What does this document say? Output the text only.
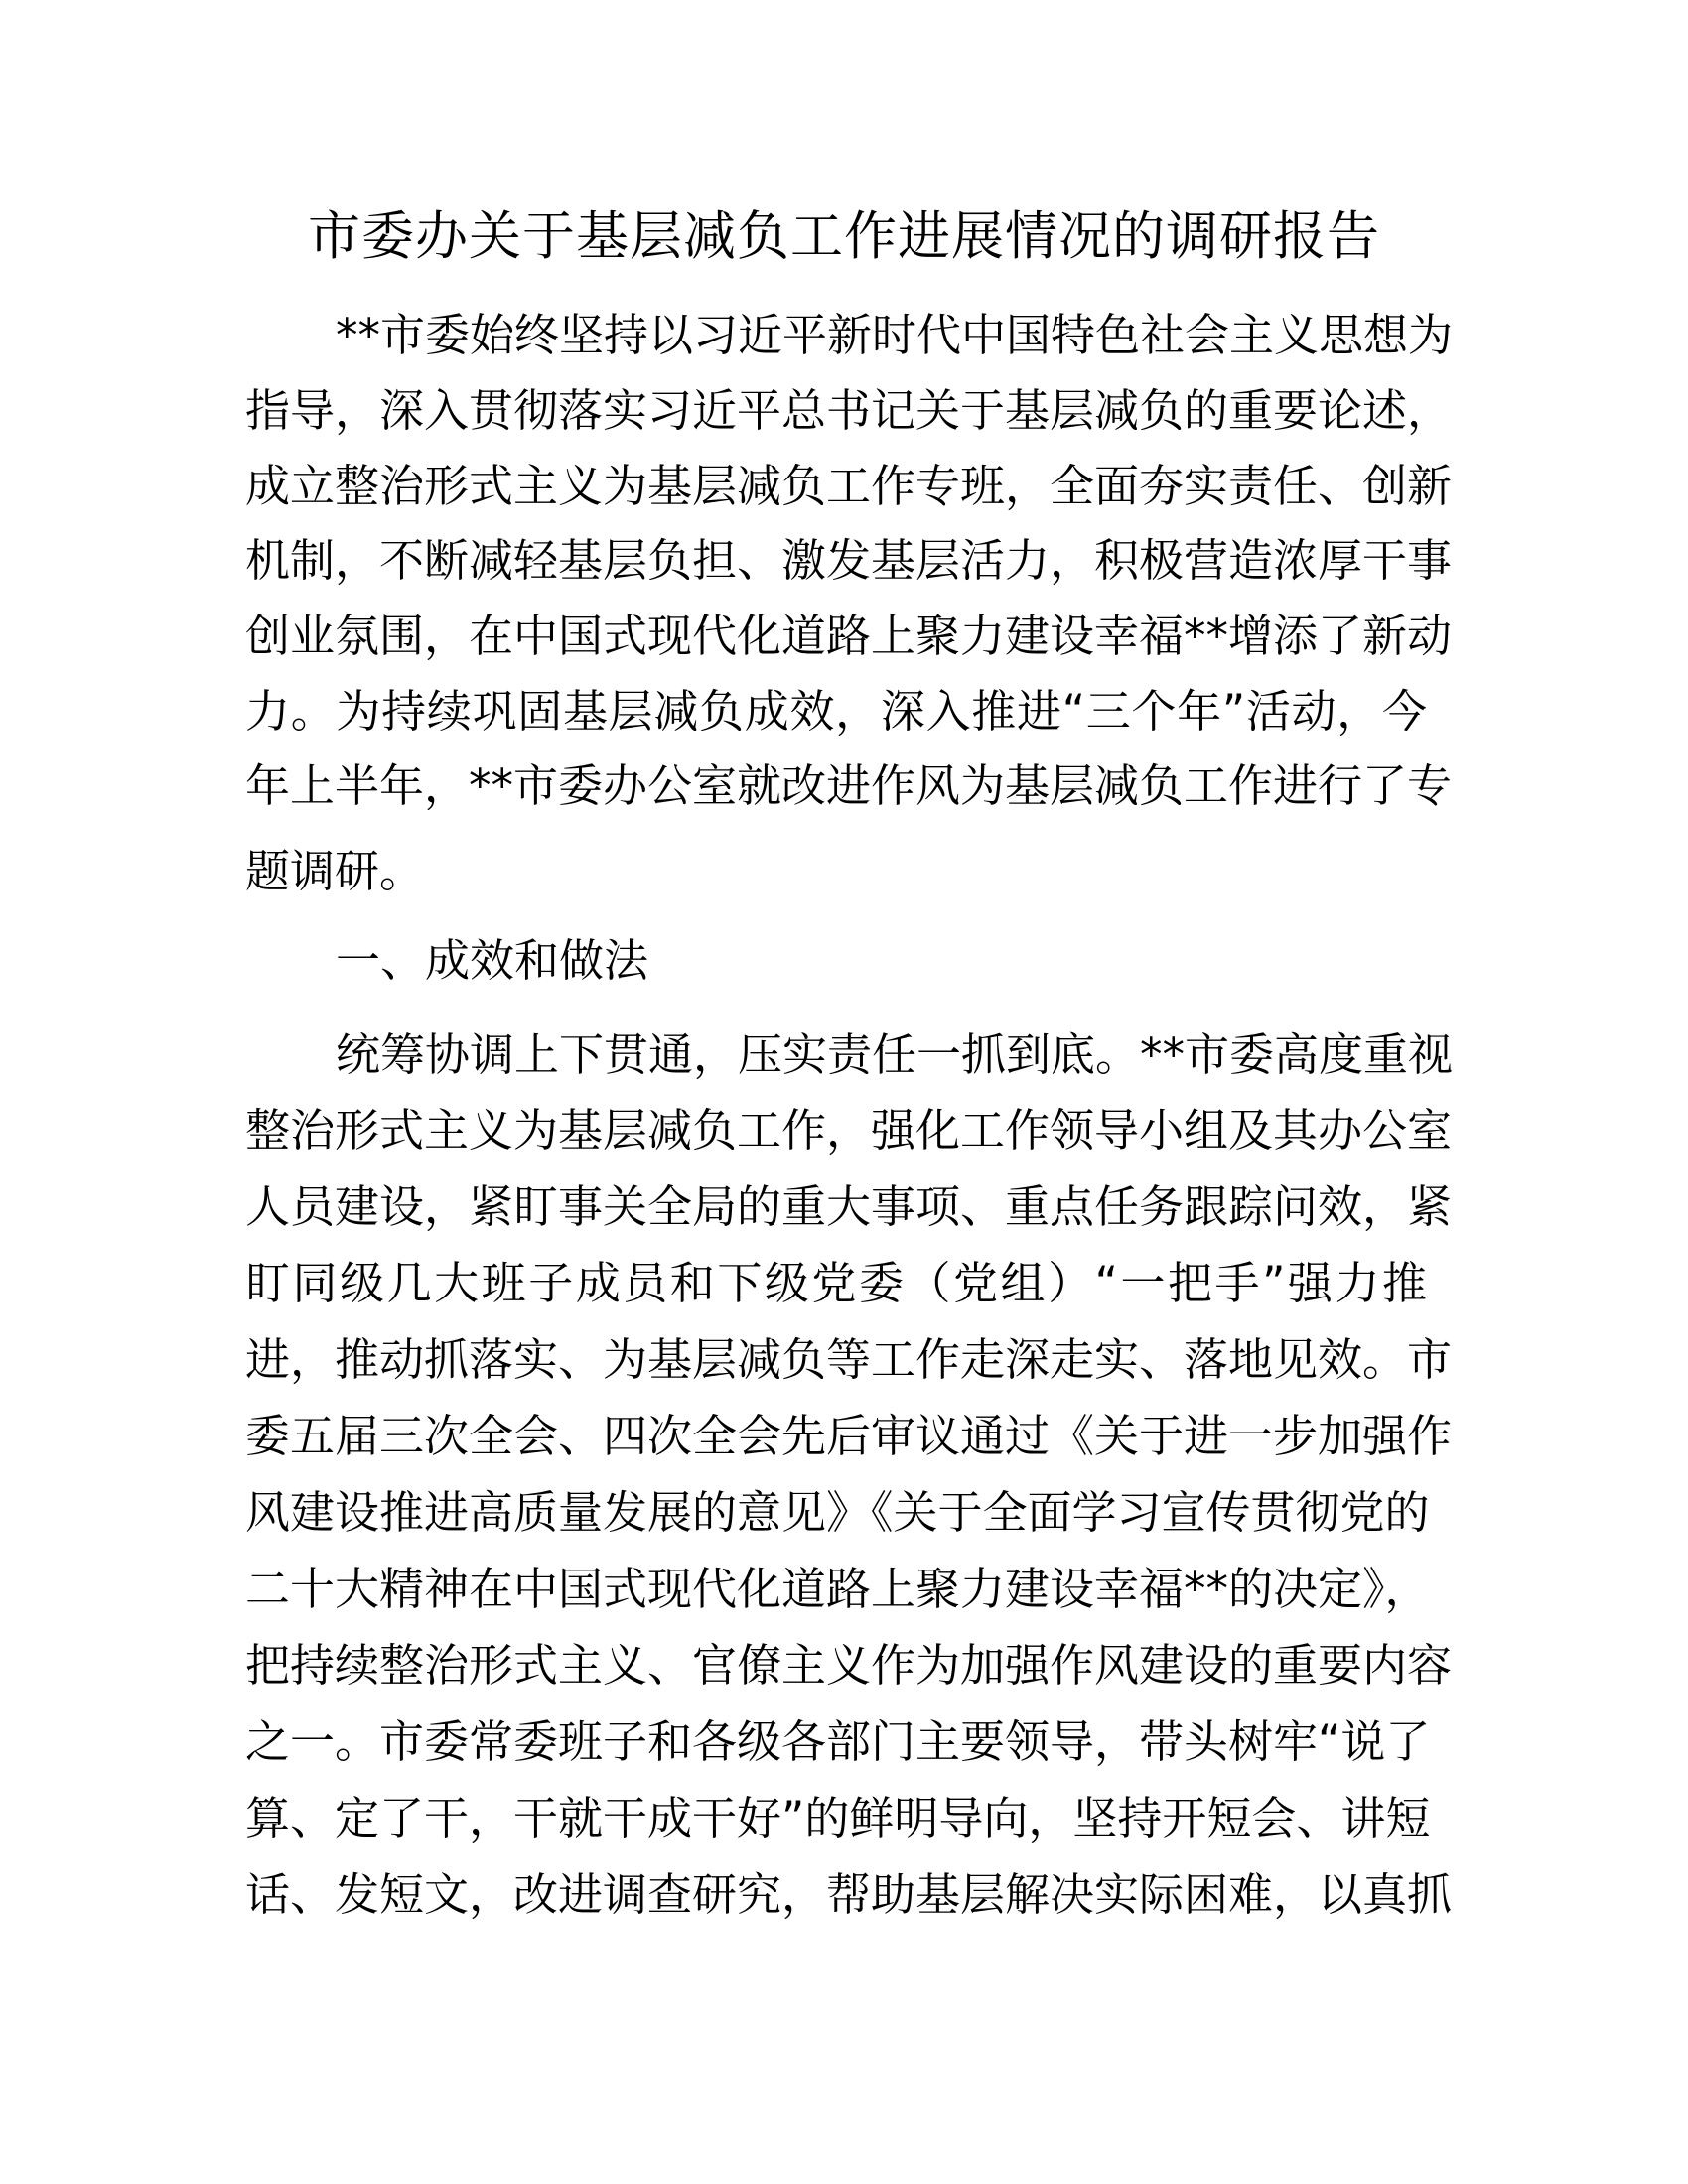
市委办关于基层减负工作进展情况的调研报告
**市委始终坚持以习近平新时代中国特色社会主义思想为
指导，深入贯彻落实习近平总书记关于基层减负的重要论述，
成立整治形式主义为基层减负工作专班，全面夯实责任、创新
机制，不断减轻基层负担、激发基层活力，积极营造浓厚干事
创业氛围，在中国式现代化道路上聚力建设幸福**增添了新动
力。为持续巩固基层减负成效，深入推进“三个年”活动，今
年上半年，**市委办公室就改进作风为基层减负工作进行了专
题调研。
一、成效和做法
统筹协调上下贯通，压实责任一抓到底。**市委高度重视
整治形式主义为基层减负工作，强化工作领导小组及其办公室
人员建设，紧盯事关全局的重大事项、重点任务跟踪问效，紧
盯同级几大班子成员和下级党委（党组）“一把手”强力推
进，推动抓落实、为基层减负等工作走深走实、落地见效。市
委五届三次全会、四次全会先后审议通过《关于进一步加强作
风建设推进高质量发展的意见》《关于全面学习宣传贯彻党的
二十大精神在中国式现代化道路上聚力建设幸福**的决定》，
把持续整治形式主义、官僚主义作为加强作风建设的重要内容
之一。市委常委班子和各级各部门主要领导，带头树牢“说了
算、定了干，干就干成干好”的鲜明导向，坚持开短会、讲短
话、发短文，改进调查研究，帮助基层解决实际困难，以真抓
